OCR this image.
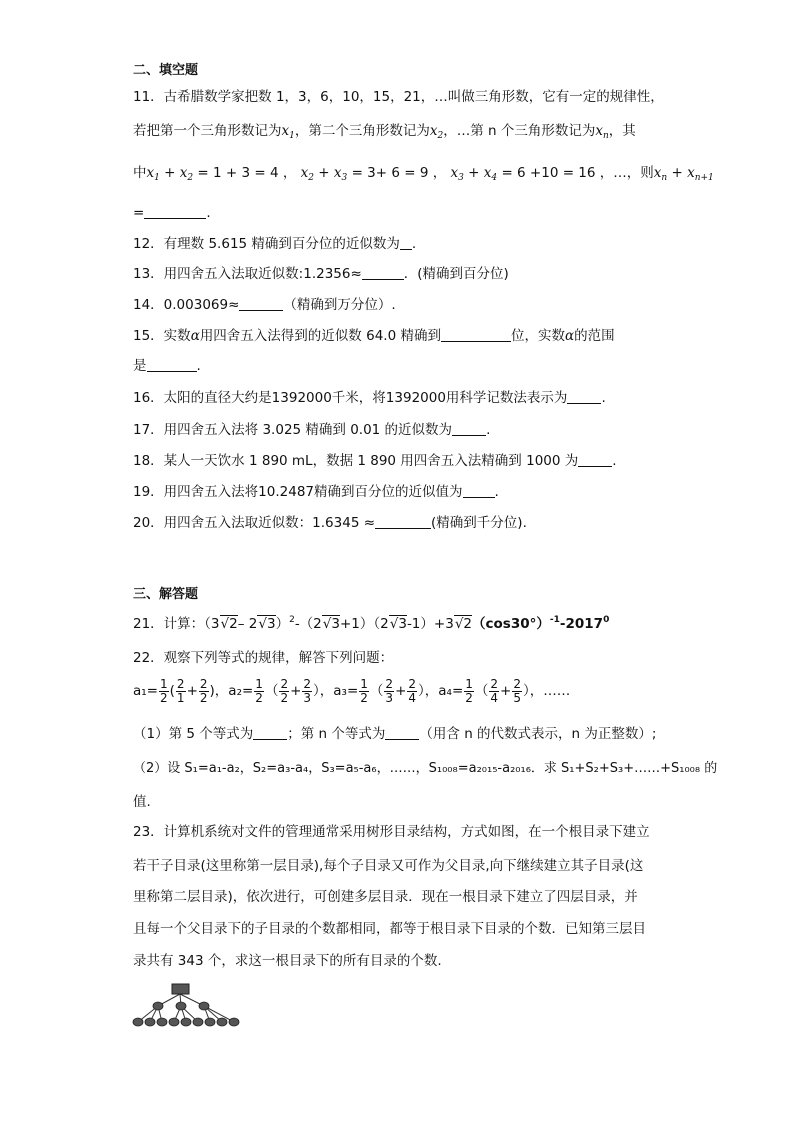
二、填空题
11．古希腊数学家把数 1，3，6，10，15，21，…叫做三角形数，它有一定的规律性，
若把第一个三角形数记为$x_1$，第二个三角形数记为$x_2$，…第 n 个三角形数记为$x_n$，其
中$x_1 + x_2 = 1 + 3 = 4$ ， $x_2 + x_3 = 3+ 6 = 9$ ， $x_3 + x_4 = 6 +10 = 16$ ，…，则$x_n + x_{n+1}$
=	.
12．有理数 5.615 精确到百分位的近似数为 .
13．用四舍五入法取近似数:1.2356≈	．(精确到百分位)
14．0.003069≈	（精确到万分位）.
15．实数α用四舍五入法得到的近似数 64.0 精确到	位，实数α的范围
是	.
16．太阳的直径大约是1392000千米，将1392000用科学记数法表示为	.
17．用四舍五入法将 3.025 精确到 0.01 的近似数为	.
18．某人一天饮水 1 890 mL，数据 1 890 用四舍五入法精确到 1000 为	.
19．用四舍五入法将10.2487精确到百分位的近似值为 .
20．用四舍五入法取近似数：1.6345 ≈	(精确到千分位).
三、解答题
21．计算：（3√2– $2√3)^2-(2√3+1)(2√3-1)+3√2(\cos 30^\circ)^{-1}-2017^0$
22．观察下列等式的规律，解答下列问题：
$a_1= \frac{1}{2}$ ( $\frac{2}{1} + \frac{2}{2}$ )，$a_2= \frac{1}{2}$ （ $\frac{2}{2} + \frac{2}{3}$ ），$a_3= \frac{1}{2}$ （ $\frac{2}{3} + \frac{2}{4}$ ），$a_4= \frac{1}{2}$ （ $\frac{2}{4} + \frac{2}{5}$ ），……
（1）第 5 个等式为	；第 n 个等式为	（用含 n 的代数式表示，n 为正整数）;
（2）设 S₁=a₁-a₂，S₂=a₃-a₄，S₃=a₅-a₆，……，S₁₀₀₈=a₂₀₁₅-a₂₀₁₆．求 S₁+S₂+S₃+……+S₁₀₀₈ 的
值.
23．计算机系统对文件的管理通常采用树形目录结构，方式如图，在一个根目录下建立
若干子目录(这里称第一层目录),每个子目录又可作为父目录,向下继续建立其子目录(这
里称第二层目录)，依次进行，可创建多层目录．现在一根目录下建立了四层目录，并
且每一个父目录下的子目录的个数都相同，都等于根目录下目录的个数．已知第三层目
录共有 343 个，求这一根目录下的所有目录的个数.
